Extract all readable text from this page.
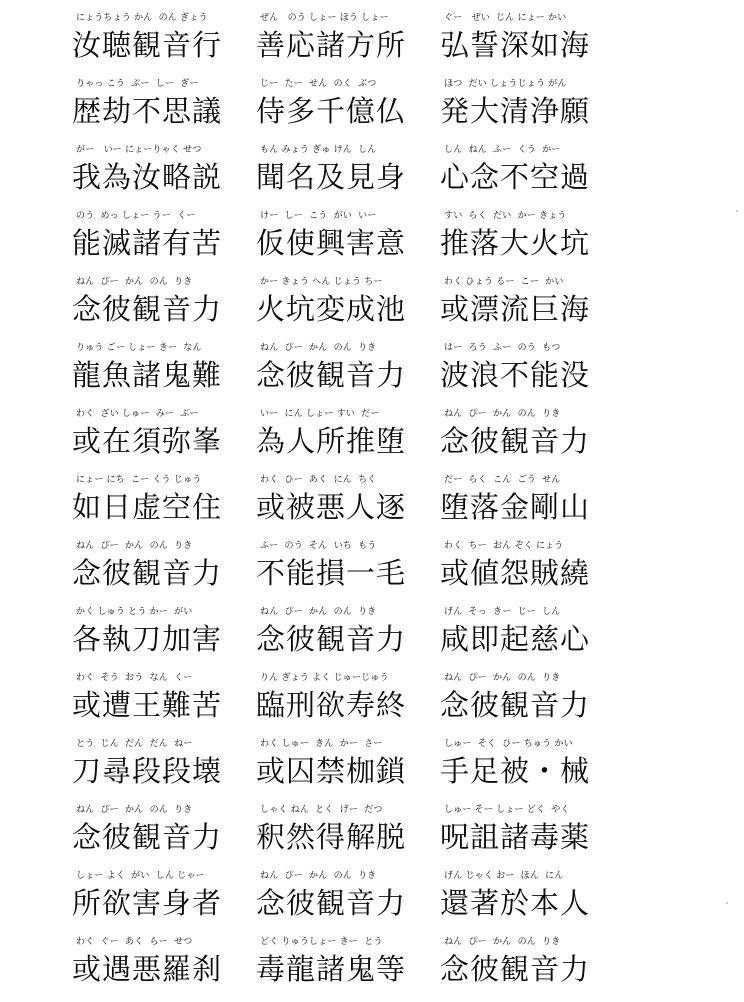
にょうちょう かん  のん ぎょう
汝聴観音行
ぜん   のう しょー ほう しょー
善応諸方所
ぐー   ぜい  じん にょー かい
弘誓深如海
りゃっ こう  ぷー  しー  ぎー
歴劫不思議
じー  たー  せん  のく  ぶつ
侍多千億仏
ほつ  だい しょうじょう がん
発大清浄願
がー   いー にょーりゃく せつ
我為汝略説
もん みょう ぎゅ けん  しん
聞名及見身
しん  ねん  ふー  くう  かー
心念不空過
のう  めっ しょー うー  くー
能滅諸有苦
けー  しー  こう  がい  いー
仮使興害意
すい  らく  だい  かー きょう
推落大火坑
ねん  ぴー  かん  のん  りき
念彼観音力
かー きょう へん じょう ちー
火坑変成池
わく ひょう るー  こー  かい
或漂流巨海
りゅう ごー しょー きー  なん
龍魚諸鬼難
ねん  ぴー  かん  のん  りき
念彼観音力
はー  ろう  ふー  のう  もつ
波浪不能没
わく  ざい しゅー  みー  ぶー
或在須弥峯
いー  にん しょー すい  だー
為人所推堕
ねん  ぴー  かん  のん  りき
念彼観音力
にょー にち  こー くう じゅう
如日虚空住
わく  ひー  あく  にん  ちく
或被悪人逐
だー  らく  こん  ごう  せん
堕落金剛山
ねん  ぴー  かん  のん  りき
念彼観音力
ふー  のう  そん  いち  もう
不能損一毛
わく  ちー  おん ぞく にょう
或値怨賊繞
かく しゅう とう かー  がい
各執刀加害
ねん  ぴー  かん  のん  りき
念彼観音力
げん  そっ  きー  じー  しん
咸即起慈心
わく  そう  おう  なん  くー
或遭王難苦
りん ぎょう よく じゅーじゅう
臨刑欲寿終
ねん  ぴー  かん  のん  りき
念彼観音力
とう  じん  だん  だん  ねー
刀尋段段壊
わく しゅー  きん  かー  さー
或囚禁枷鎖
しゅー  そく  ひー ちゅう かい
手足被・械
ねん  ぴー  かん  のん  りき
念彼観音力
しゃく ねん  とく  げー  だつ
釈然得解脱
しゅー そー しょー どく  やく
呪詛諸毒薬
しょー よく  がい  しん じゃー
所欲害身者
ねん  ぴー  かん  のん  りき
念彼観音力
げん じゃく おー  ほん  にん
還著於本人
わく  ぐー  あく  らー  せつ
或遇悪羅刹
どく りゅうしょー きー  とう
毒龍諸鬼等
ねん  ぴー  かん  のん  りき
念彼観音力
